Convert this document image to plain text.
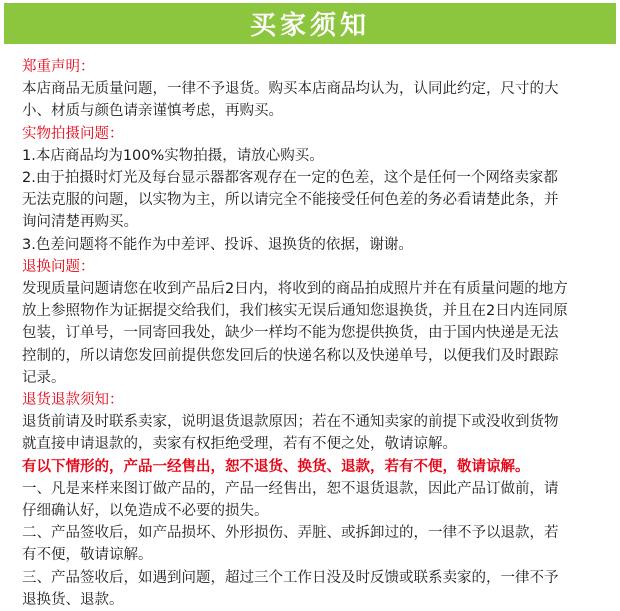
买家须知
郑重声明：
本店商品无质量问题，一律不予退货。购买本店商品均认为，认同此约定，尺寸的大
小、材质与颜色请亲谨慎考虑，再购买。
实物拍摄问题：
1.本店商品均为100%实物拍摄，请放心购买。
2.由于拍摄时灯光及每台显示器都客观存在一定的色差，这个是任何一个网络卖家都
无法克服的问题，以实物为主，所以请完全不能接受任何色差的务必看请楚此条，并
询问清楚再购买。
3.色差问题将不能作为中差评、投诉、退换货的依据，谢谢。
退换问题：
发现质量问题请您在收到产品后2日内，将收到的商品拍成照片并在有质量问题的地方
放上参照物作为证据提交给我们，我们核实无误后通知您退换货，并且在2日内连同原
包装，订单号，一同寄回我处，缺少一样均不能为您提供换货，由于国内快递是无法
控制的，所以请您发回前提供您发回后的快递名称以及快递单号，以便我们及时跟踪
记录。
退货退款须知：
退货前请及时联系卖家，说明退货退款原因；若在不通知卖家的前提下或没收到货物
就直接申请退款的，卖家有权拒绝受理，若有不便之处，敬请谅解。
有以下情形的，产品一经售出，恕不退货、换货、退款，若有不便，敬请谅解。
一、凡是来样来图订做产品的，产品一经售出，恕不退货退款，因此产品订做前，请
仔细确认好，以免造成不必要的损失。
二、产品签收后，如产品损坏、外形损伤、弄脏、或拆卸过的，一律不予以退款，若
有不便，敬请谅解。
三、产品签收后，如遇到问题，超过三个工作日没及时反馈或联系卖家的，一律不予
退换货、退款。
